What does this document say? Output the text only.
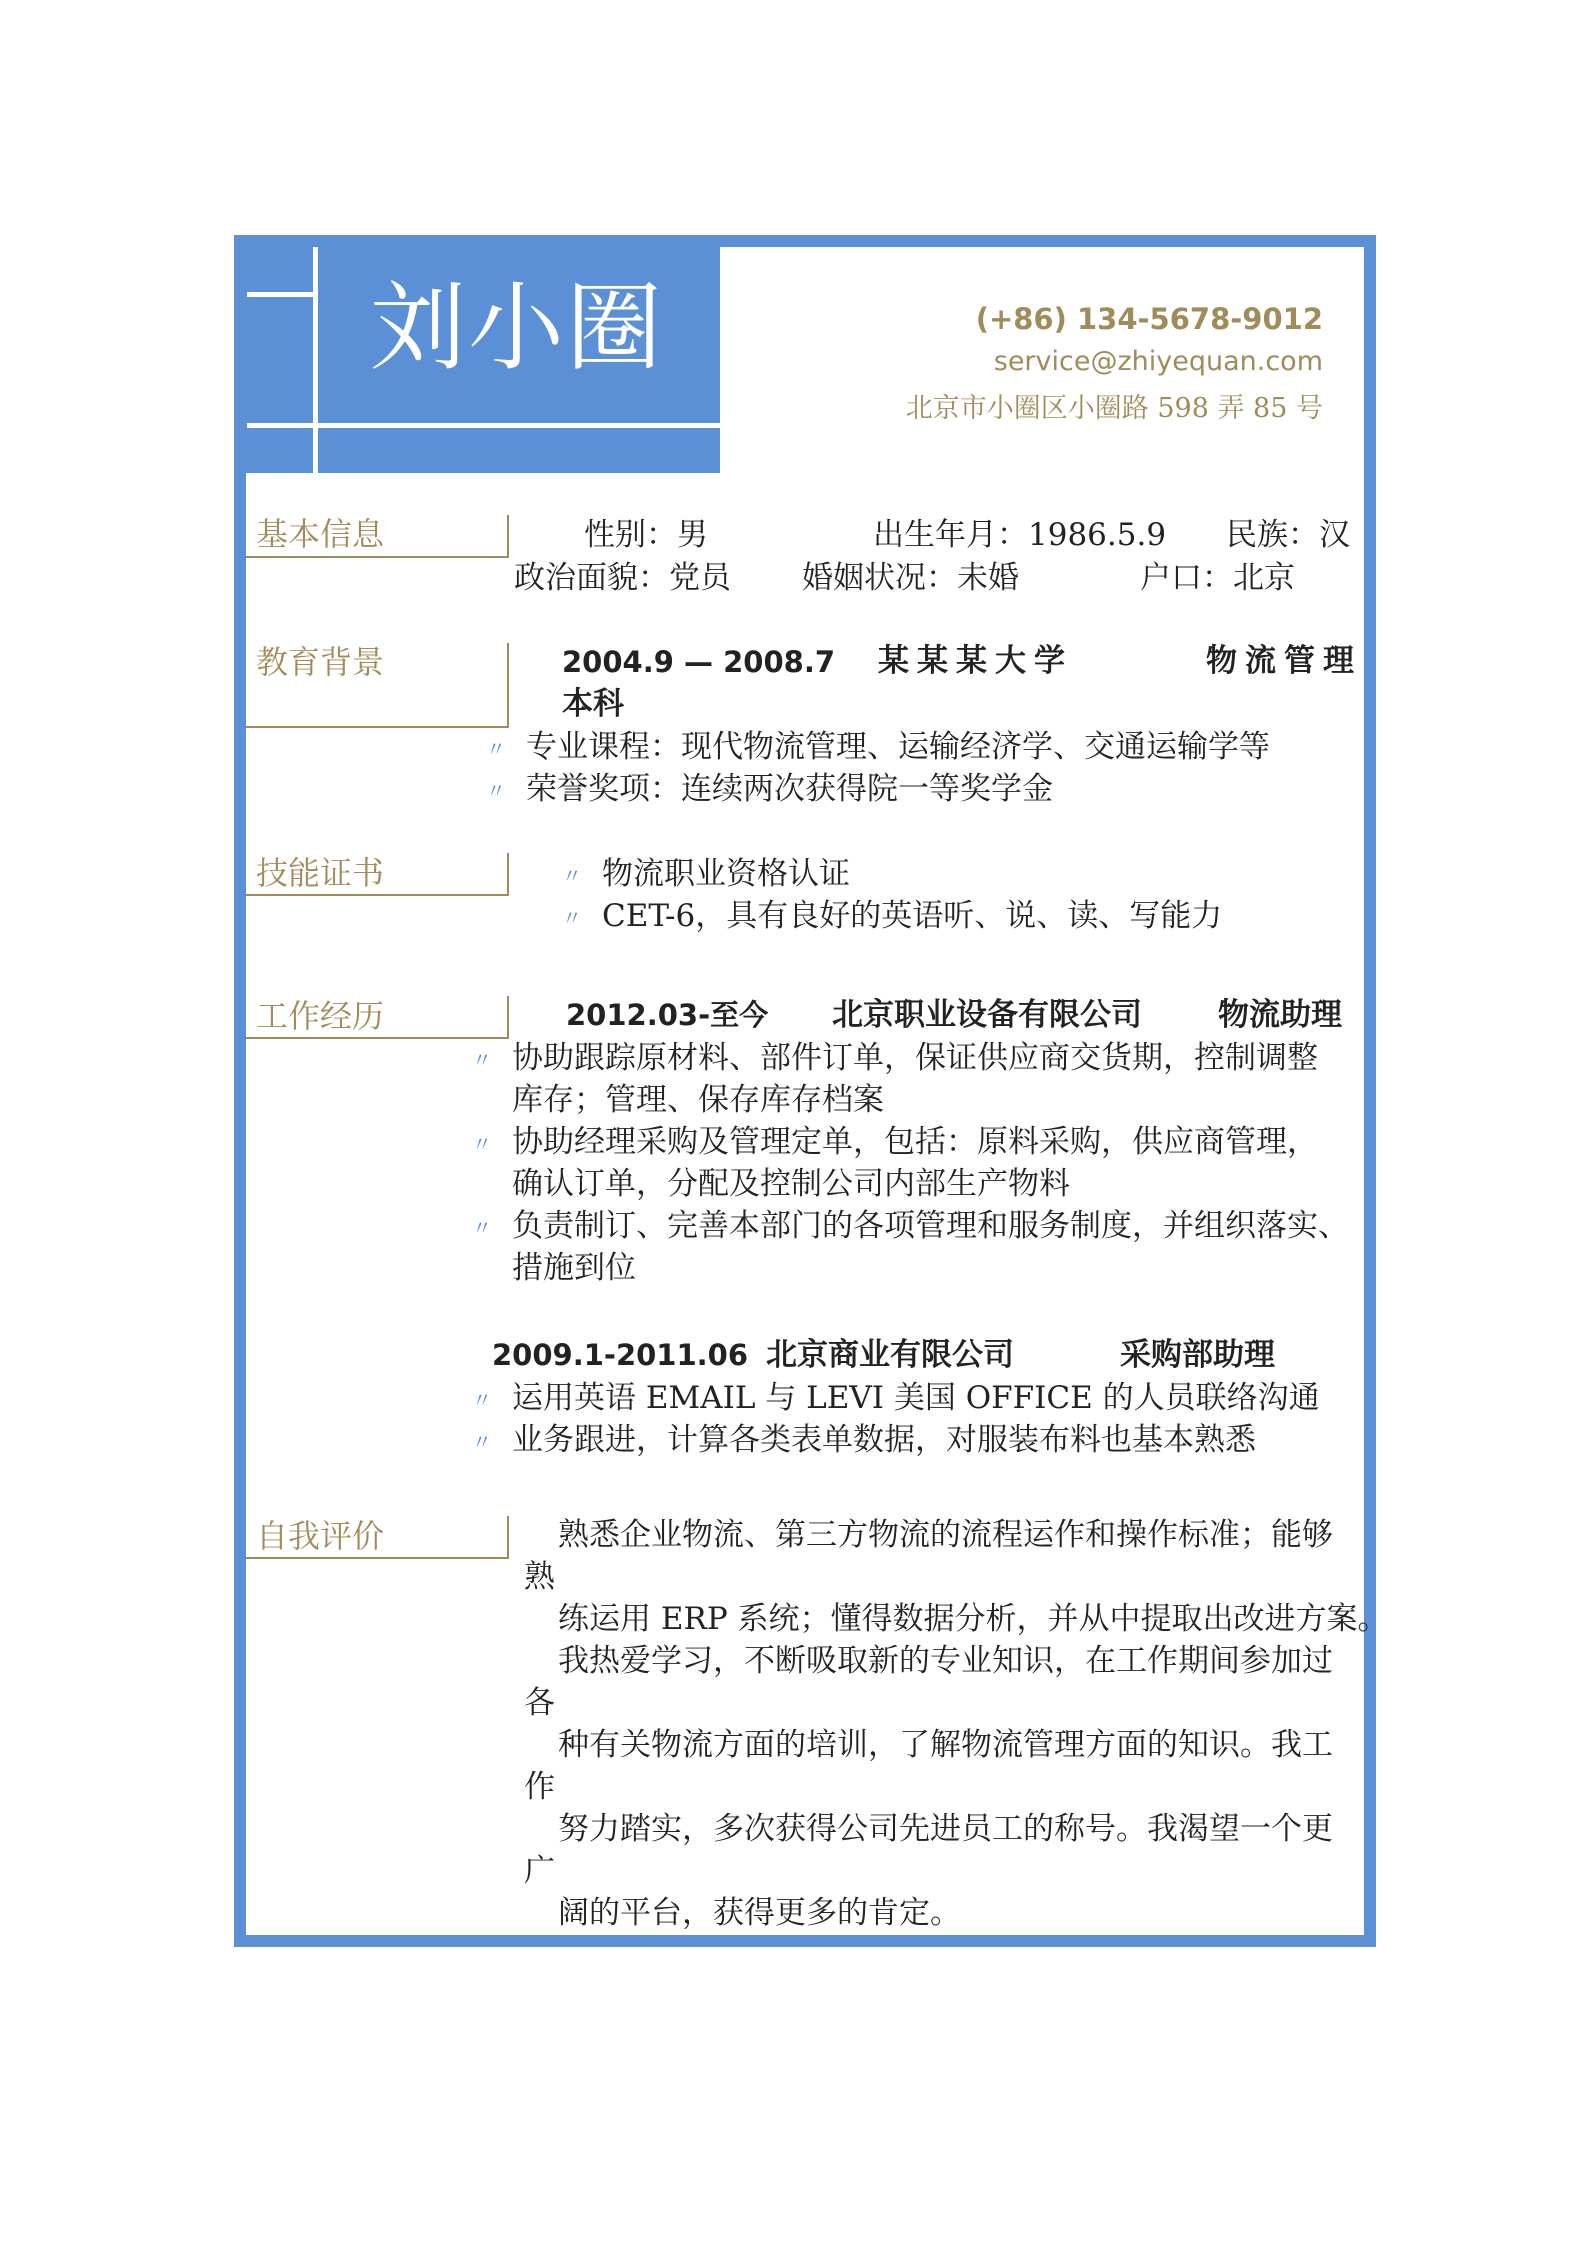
刘小圈	(+86) 134-5678-9012
service@zhiyequan.com
北京市小圈区小圈路 598 弄 85 号
基本信息	性别：男	出生年月：1986.5.9 民族：汉
政治面貌：党员 婚姻状况：未婚	户口：北京
教育背景	2004.9 — 2008.7 某某某大学	物流管理
本科
〃 专业课程：现代物流管理、运输经济学、交通运输学等
〃 荣誉奖项：连续两次获得院一等奖学金
技能证书	〃 物流职业资格认证
〃 CET-6，具有良好的英语听、说、读、写能力
工作经历	2012.03-至今 北京职业设备有限公司 物流助理
〃 协助跟踪原材料、部件订单，保证供应商交货期，控制调整
库存；管理、保存库存档案
〃 协助经理采购及管理定单，包括：原料采购，供应商管理，
确认订单，分配及控制公司内部生产物料
〃 负责制订、完善本部门的各项管理和服务制度，并组织落实、
措施到位
2009.1-2011.06 北京商业有限公司	采购部助理
〃 运用英语 EMAIL 与 LEVI 美国 OFFICE 的人员联络沟通
〃 业务跟进，计算各类表单数据，对服装布料也基本熟悉
自我评价	熟悉企业物流、第三方物流的流程运作和操作标准；能够
熟
练运用 ERP 系统；懂得数据分析，并从中提取出改进方案。
我热爱学习，不断吸取新的专业知识，在工作期间参加过
各
种有关物流方面的培训，了解物流管理方面的知识。我工
作
努力踏实，多次获得公司先进员工的称号。我渴望一个更
广
阔的平台，获得更多的肯定。
